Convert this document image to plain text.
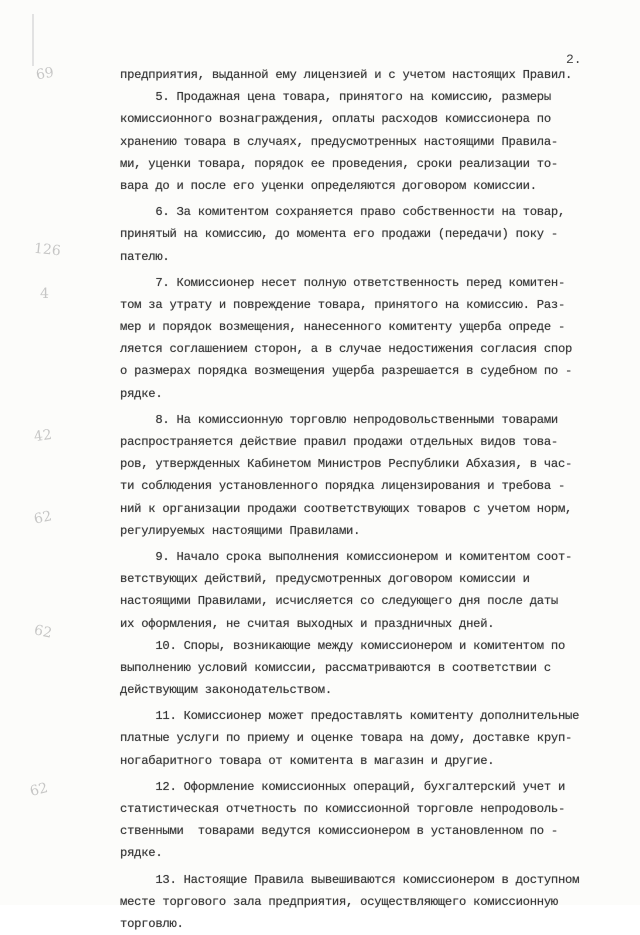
69
126
4
42
62
62
62
2.
предприятия, выданной ему лицензией и с учетом настоящих Правил.
5. Продажная цена товара, принятого на комиссию, размеры
комиссионного вознаграждения, оплаты расходов комиссионера по
хранению товара в случаях, предусмотренных настоящими Правила-
ми, уценки товара, порядок ее проведения, сроки реализации то-
вара до и после его уценки определяются договором комиссии.
6. За комитентом сохраняется право собственности на товар,
принятый на комиссию, до момента его продажи (передачи) поку -
пателю.
7. Комиссионер несет полную ответственность перед комитен-
том за утрату и повреждение товара, принятого на комиссию. Раз-
мер и порядок возмещения, нанесенного комитенту ущерба опреде -
ляется соглашением сторон, а в случае недостижения согласия спор
о размерах порядка возмещения ущерба разрешается в судебном по -
рядке.
8. На комиссионную торговлю непродовольственными товарами
распространяется действие правил продажи отдельных видов това-
ров, утвержденных Кабинетом Министров Республики Абхазия, в час-
ти соблюдения установленного порядка лицензирования и требова -
ний к организации продажи соответствующих товаров с учетом норм,
регулируемых настоящими Правилами.
9. Начало срока выполнения комиссионером и комитентом соот-
ветствующих действий, предусмотренных договором комиссии и
настоящими Правилами, исчисляется со следующего дня после даты
их оформления, не считая выходных и праздничных дней.
10. Споры, возникающие между комиссионером и комитентом по
выполнению условий комиссии, рассматриваются в соответствии с
действующим законодательством.
11. Комиссионер может предоставлять комитенту дополнительные
платные услуги по приему и оценке товара на дому, доставке круп-
ногабаритного товара от комитента в магазин и другие.
12. Оформление комиссионных операций, бухгалтерский учет и
статистическая отчетность по комиссионной торговле непродоволь-
ственными  товарами ведутся комиссионером в установленном по -
рядке.
13. Настоящие Правила вывешиваются комиссионером в доступном
месте торгового зала предприятия, осуществляющего комиссионную
торговлю.
